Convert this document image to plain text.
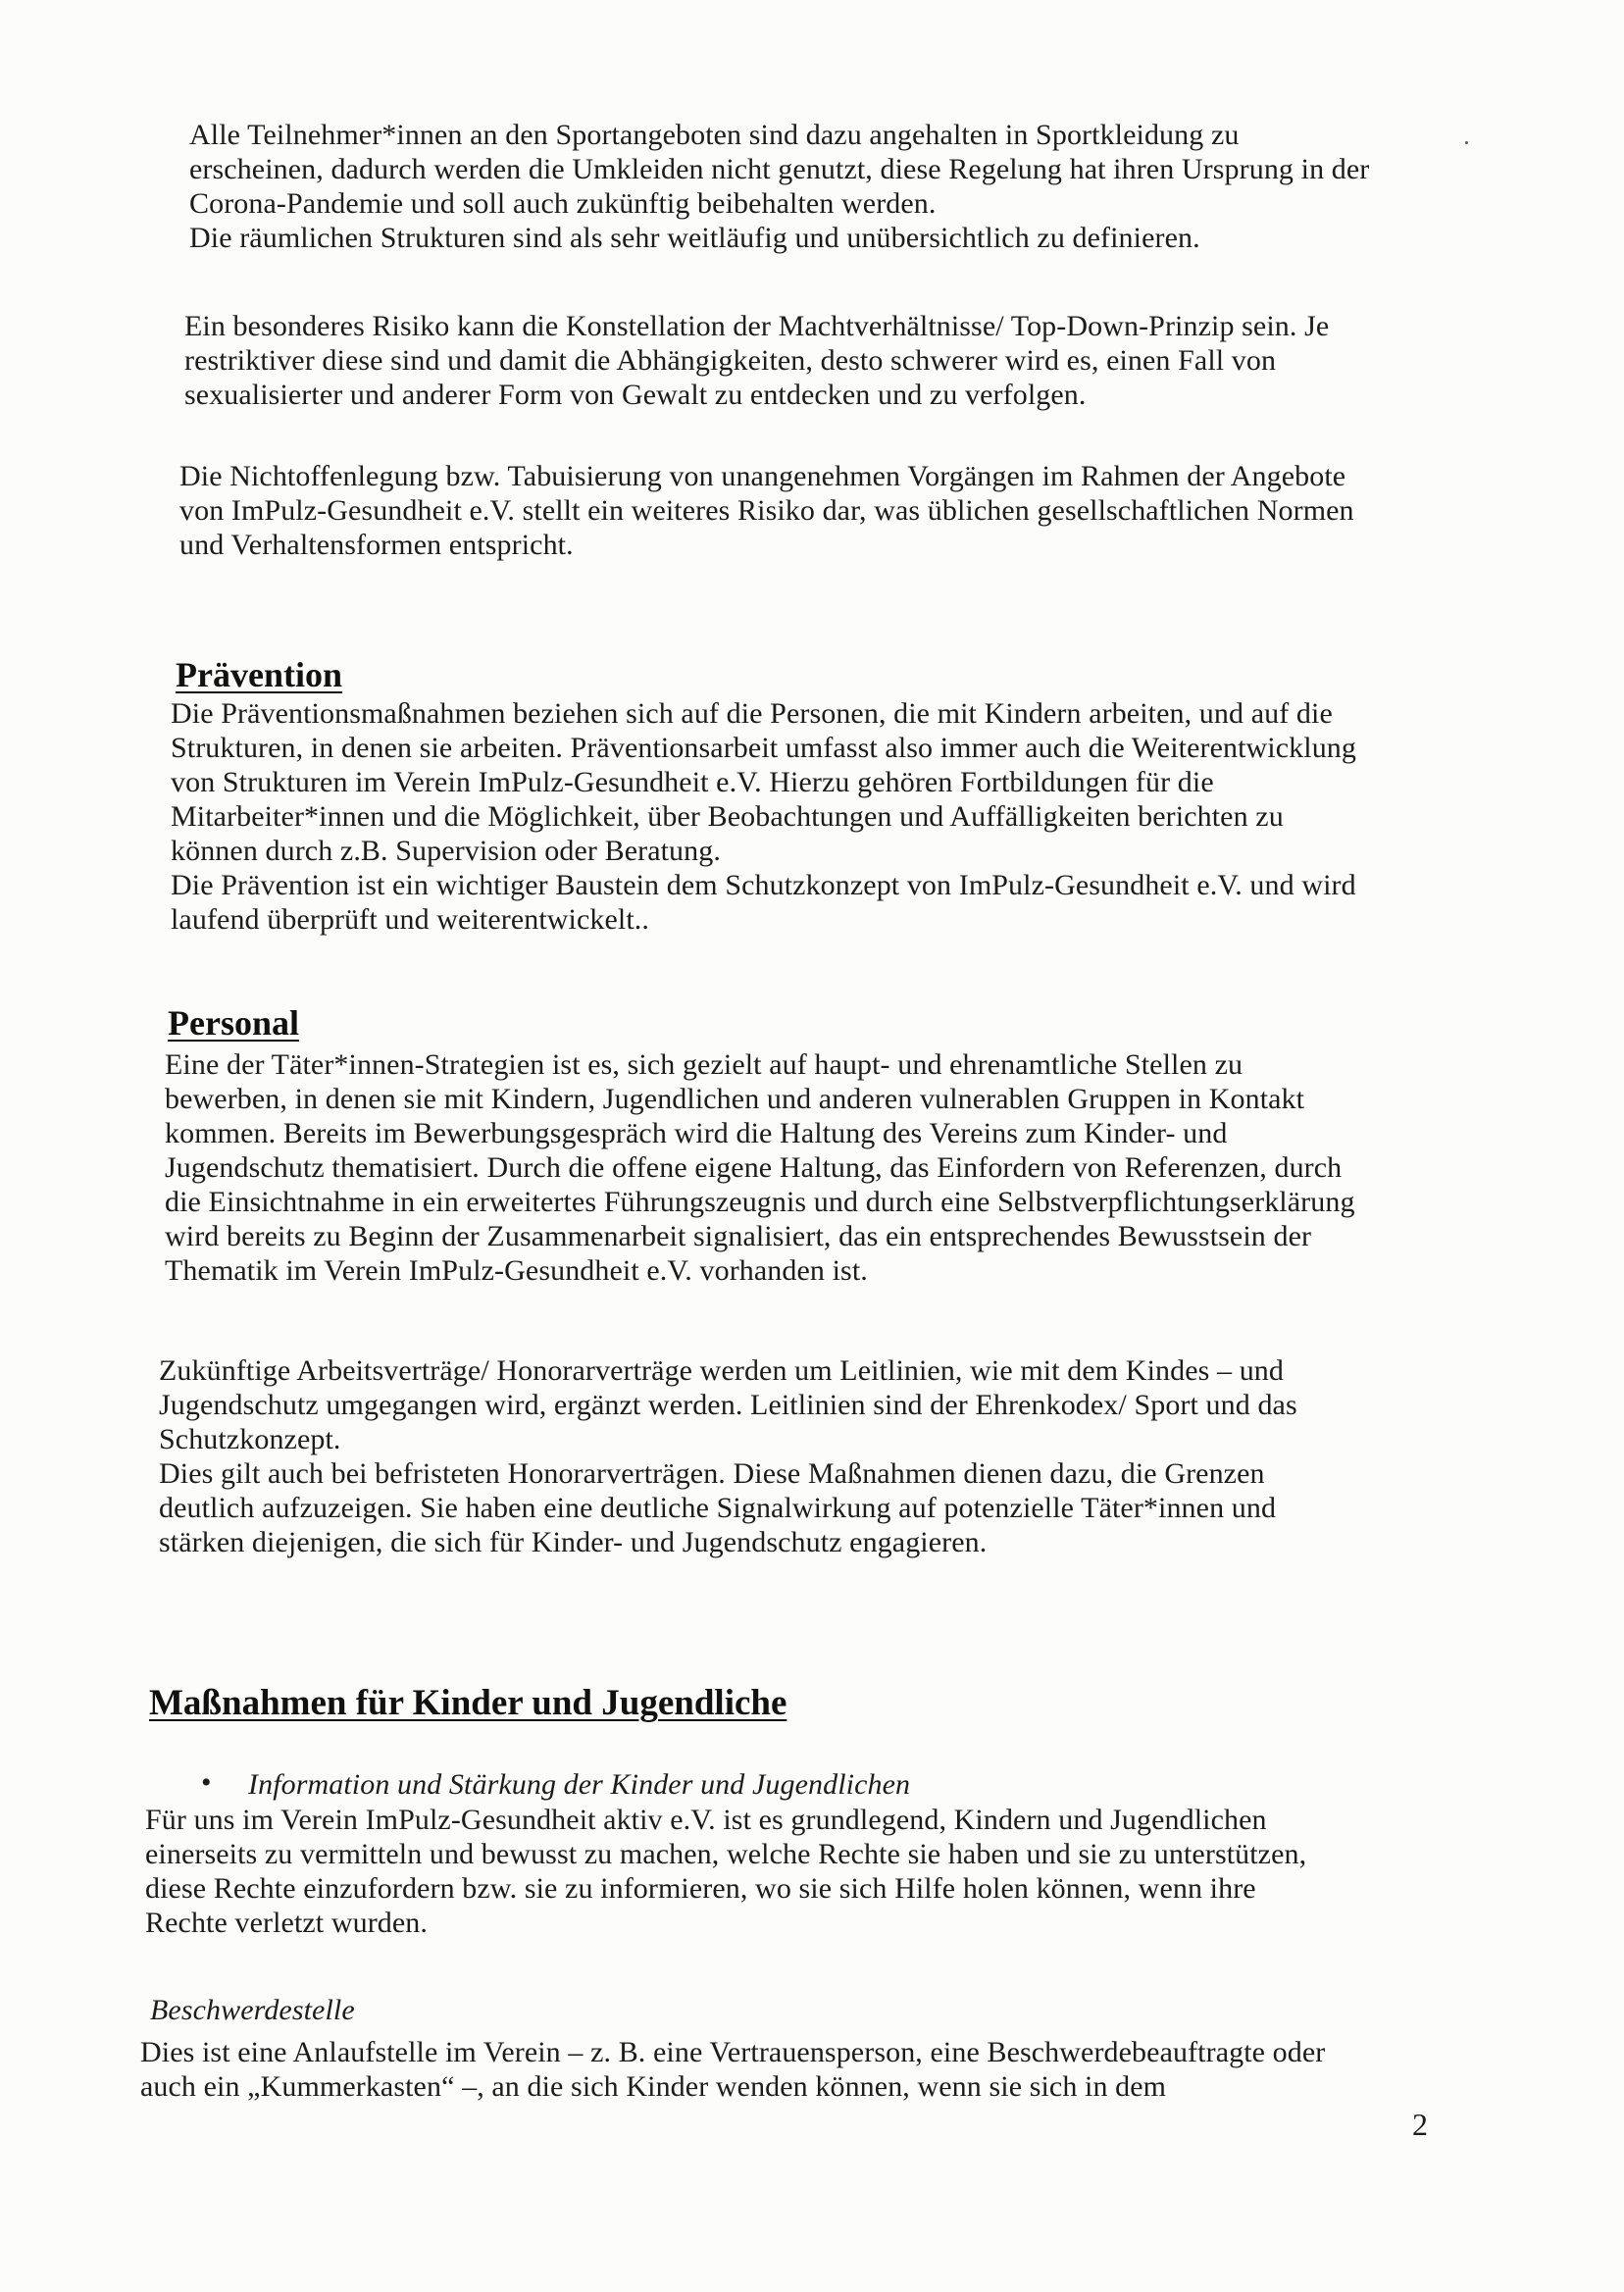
Alle Teilnehmer*innen an den Sportangeboten sind dazu angehalten in Sportkleidung zu

erscheinen, dadurch werden die Umkleiden nicht genutzt, diese Regelung hat ihren Ursprung in der

Corona-Pandemie und soll auch zukünftig beibehalten werden.

Die räumlichen Strukturen sind als sehr weitläufig und unübersichtlich zu definieren.

Ein besonderes Risiko kann die Konstellation der Machtverhältnisse/ Top-Down-Prinzip sein. Je

restriktiver diese sind und damit die Abhängigkeiten, desto schwerer wird es, einen Fall von

sexualisierter und anderer Form von Gewalt zu entdecken und zu verfolgen.

Die Nichtoffenlegung bzw. Tabuisierung von unangenehmen Vorgängen im Rahmen der Angebote

von ImPulz-Gesundheit e.V. stellt ein weiteres Risiko dar, was üblichen gesellschaftlichen Normen

und Verhaltensformen entspricht.

Prävention

Die Präventionsmaßnahmen beziehen sich auf die Personen, die mit Kindern arbeiten, und auf die

Strukturen, in denen sie arbeiten. Präventionsarbeit umfasst also immer auch die Weiterentwicklung

von Strukturen im Verein ImPulz-Gesundheit e.V. Hierzu gehören Fortbildungen für die

Mitarbeiter*innen und die Möglichkeit, über Beobachtungen und Auffälligkeiten berichten zu

können durch z.B. Supervision oder Beratung.

Die Prävention ist ein wichtiger Baustein dem Schutzkonzept von ImPulz-Gesundheit e.V. und wird

laufend überprüft und weiterentwickelt..

Personal

Eine der Täter*innen-Strategien ist es, sich gezielt auf haupt- und ehrenamtliche Stellen zu

bewerben, in denen sie mit Kindern, Jugendlichen und anderen vulnerablen Gruppen in Kontakt

kommen. Bereits im Bewerbungsgespräch wird die Haltung des Vereins zum Kinder- und

Jugendschutz thematisiert. Durch die offene eigene Haltung, das Einfordern von Referenzen, durch

die Einsichtnahme in ein erweitertes Führungszeugnis und durch eine Selbstverpflichtungserklärung

wird bereits zu Beginn der Zusammenarbeit signalisiert, das ein entsprechendes Bewusstsein der

Thematik im Verein ImPulz-Gesundheit e.V. vorhanden ist.

Zukünftige Arbeitsverträge/ Honorarverträge werden um Leitlinien, wie mit dem Kindes – und

Jugendschutz umgegangen wird, ergänzt werden. Leitlinien sind der Ehrenkodex/ Sport und das

Schutzkonzept.

Dies gilt auch bei befristeten Honorarverträgen. Diese Maßnahmen dienen dazu, die Grenzen

deutlich aufzuzeigen. Sie haben eine deutliche Signalwirkung auf potenzielle Täter*innen und

stärken diejenigen, die sich für Kinder- und Jugendschutz engagieren.

Maßnahmen für Kinder und Jugendliche
• Information und Stärkung der Kinder und Jugendlichen

Für uns im Verein ImPulz-Gesundheit aktiv e.V. ist es grundlegend, Kindern und Jugendlichen

einerseits zu vermitteln und bewusst zu machen, welche Rechte sie haben und sie zu unterstützen,

diese Rechte einzufordern bzw. sie zu informieren, wo sie sich Hilfe holen können, wenn ihre

Rechte verletzt wurden.

Beschwerdestelle

Dies ist eine Anlaufstelle im Verein – z. B. eine Vertrauensperson, eine Beschwerdebeauftragte oder

auch ein „Kummerkasten“ –, an die sich Kinder wenden können, wenn sie sich in dem

2
